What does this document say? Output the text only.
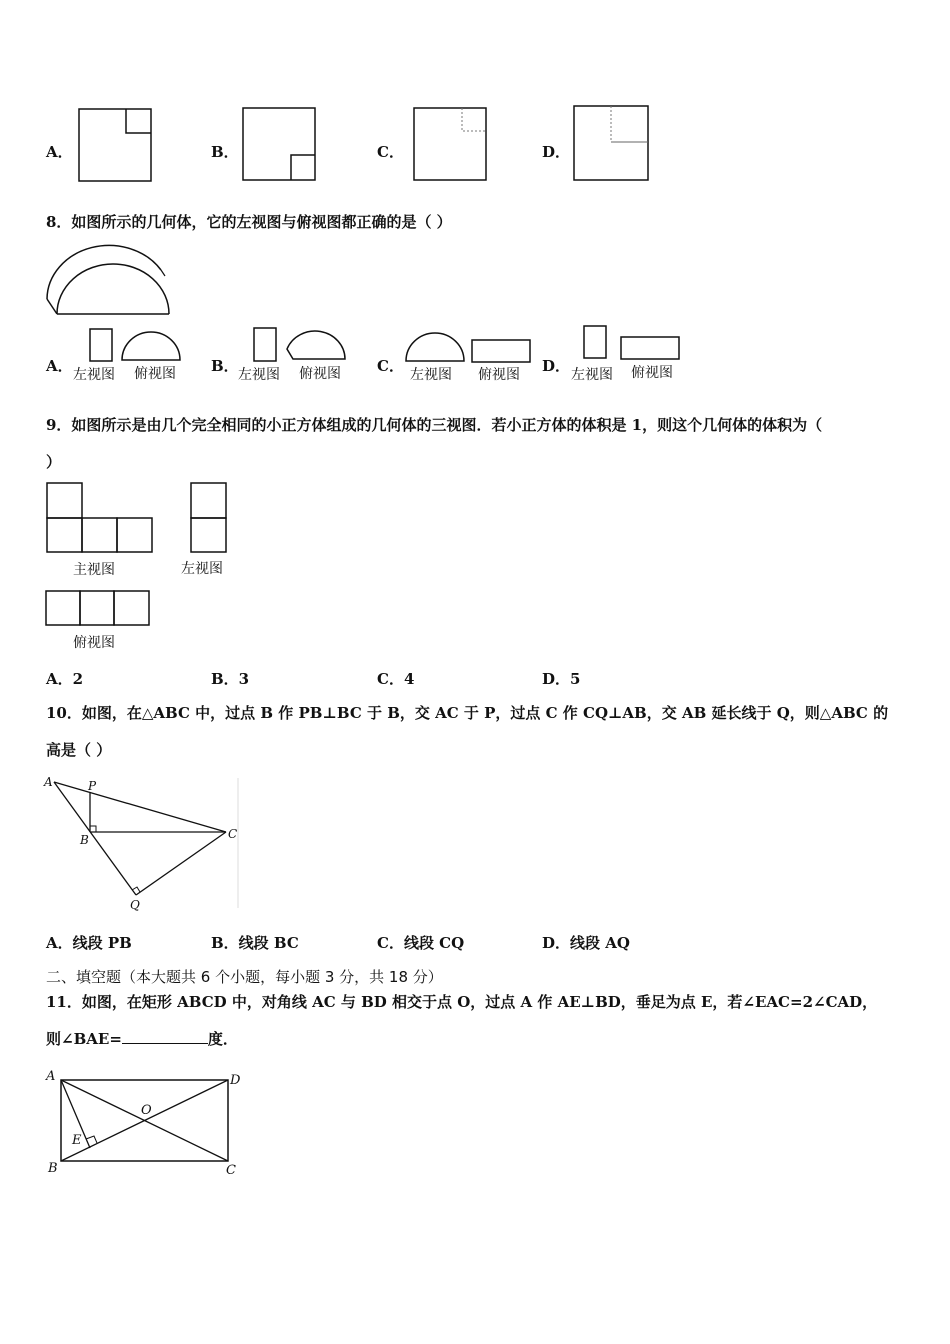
A．	B．	C．	D．
8．如图所示的几何体，它的左视图与俯视图都正确的是（ ）
A． 左视图 俯视图 B． 左视图 俯视图 C． 左视图 俯视图 D． 左视图 俯视图
9．如图所示是由几个完全相同的小正方体组成的几何体的三视图．若小正方体的体积是 1，则这个几何体的体积为（
）
主视图	左视图
俯视图
A．2	B．3	C．4	D．5
10．如图，在△ABC 中，过点 B 作 PB⊥BC 于 B，交 AC 于 P，过点 C 作 CQ⊥AB，交 AB 延长线于 Q，则△ABC 的
高是（ ）
A	P
B	C
Q
A．线段 PB	B．线段 BC	C．线段 CQ	D．线段 AQ
二、填空题（本大题共 6 个小题，每小题 3 分，共 18 分）
11．如图，在矩形 ABCD 中，对角线 AC 与 BD 相交于点 O，过点 A 作 AE⊥BD，垂足为点 E，若∠EAC=2∠CAD，
则∠BAE=	度．
A	D
O
E
B	C
